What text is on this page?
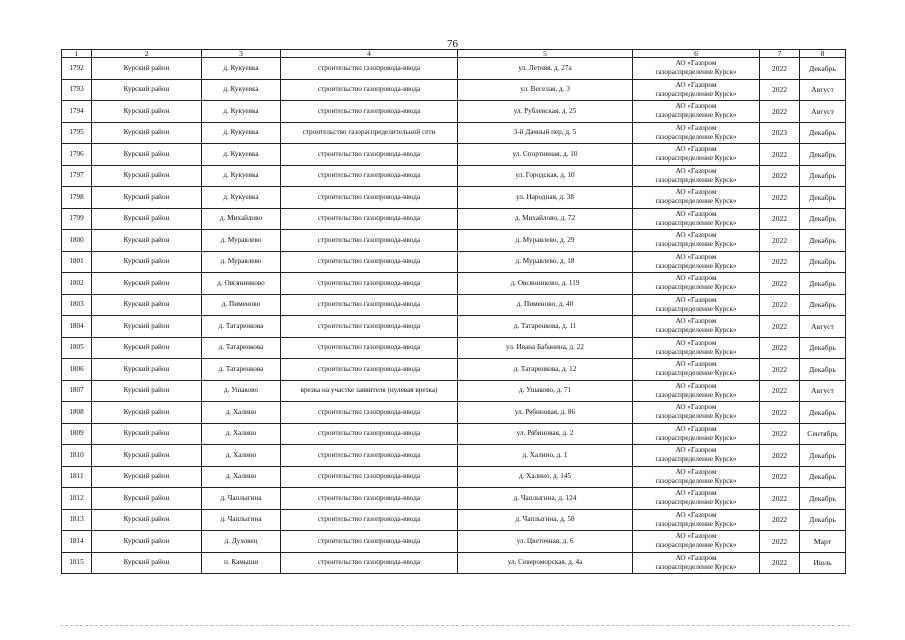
76
1	2	3	4	5	6	7	8
1792	Курский район	д. Кукуевка	строительство газопровода-ввода	ул. Летняя, д. 27а	АО «Газпром
газораспределение Курск»	2022	Декабрь
1793	Курский район	д. Кукуевка	строительство газопровода-ввода	ул. Веселая, д. 3	АО «Газпром
газораспределение Курск»	2022	Август
1794	Курский район	д. Кукуевка	строительство газопровода-ввода	ул. Рублевская, д. 25	АО «Газпром
газораспределение Курск»	2022	Август
1795	Курский район	д. Кукуевка	строительство газораспределительной сети	3-й Дачный пер, д. 5	АО «Газпром
газораспределение Курск»	2023	Декабрь
1796	Курский район	д. Кукуевка	строительство газопровода-ввода	ул. Спортивная, д. 10	АО «Газпром
газораспределение Курск»	2022	Декабрь
1797	Курский район	д. Кукуевка	строительство газопровода-ввода	ул. Городская, д. 10	АО «Газпром
газораспределение Курск»	2022	Декабрь
1798	Курский район	д. Кукуевка	строительство газопровода-ввода	ул. Народная, д. 38	АО «Газпром
газораспределение Курск»	2022	Декабрь
1799	Курский район	д. Михайлово	строительство газопровода-ввода	д. Михайлово, д. 72	АО «Газпром
газораспределение Курск»	2022	Декабрь
1800	Курский район	д. Муравлево	строительство газопровода-ввода	д. Муравлево, д. 29	АО «Газпром
газораспределение Курск»	2022	Декабрь
1801	Курский район	д. Муравлево	строительство газопровода-ввода	д. Муравлево, д. 18	АО «Газпром
газораспределение Курск»	2022	Декабрь
1802	Курский район	д. Овсянниково	строительство газопровода-ввода	д. Овсянниково, д. 119	АО «Газпром
газораспределение Курск»	2022	Декабрь
1803	Курский район	д. Пименово	строительство газопровода-ввода	д. Пименово, д. 40	АО «Газпром
газораспределение Курск»	2022	Декабрь
1804	Курский район	д. Татаренкова	строительство газопровода-ввода	д. Татаренкова, д. 11	АО «Газпром
газораспределение Курск»	2022	Август
1805	Курский район	д. Татаренкова	строительство газопровода-ввода	ул. Ивана Бабанина, д. 22	АО «Газпром
газораспределение Курск»	2022	Декабрь
1806	Курский район	д. Татаренкова	строительство газопровода-ввода	д. Татаренкова, д. 12	АО «Газпром
газораспределение Курск»	2022	Декабрь
1807	Курский район	д. Ушаково	врезка на участке заявителя (нулевая врезка)	д. Ушаково, д. 71	АО «Газпром
газораспределение Курск»	2022	Август
1808	Курский район	д. Халино	строительство газопровода-ввода	ул. Рябиновая, д. 86	АО «Газпром
газораспределение Курск»	2022	Декабрь
1809	Курский район	д. Халино	строительство газопровода-ввода	ул. Рябиновая, д. 2	АО «Газпром
газораспределение Курск»	2022	Сентябрь
1810	Курский район	д. Халино	строительство газопровода-ввода	д. Халино, д. 1	АО «Газпром
газораспределение Курск»	2022	Декабрь
1811	Курский район	д. Халино	строительство газопровода-ввода	д. Халино, д. 145	АО «Газпром
газораспределение Курск»	2022	Декабрь
1812	Курский район	д. Чаплыгина	строительство газопровода-ввода	д. Чаплыгина, д. 124	АО «Газпром
газораспределение Курск»	2022	Декабрь
1813	Курский район	д. Чаплыгина	строительство газопровода-ввода	д. Чаплыгина, д. 58	АО «Газпром
газораспределение Курск»	2022	Декабрь
1814	Курский район	д. Духовец	строительство газопровода-ввода	ул. Цветочная, д. 6	АО «Газпром
газораспределение Курск»	2022	Март
1815	Курский район	п. Камыши	строительство газопровода-ввода	ул. Североморская, д. 4а	АО «Газпром
газораспределение Курск»	2022	Июль
